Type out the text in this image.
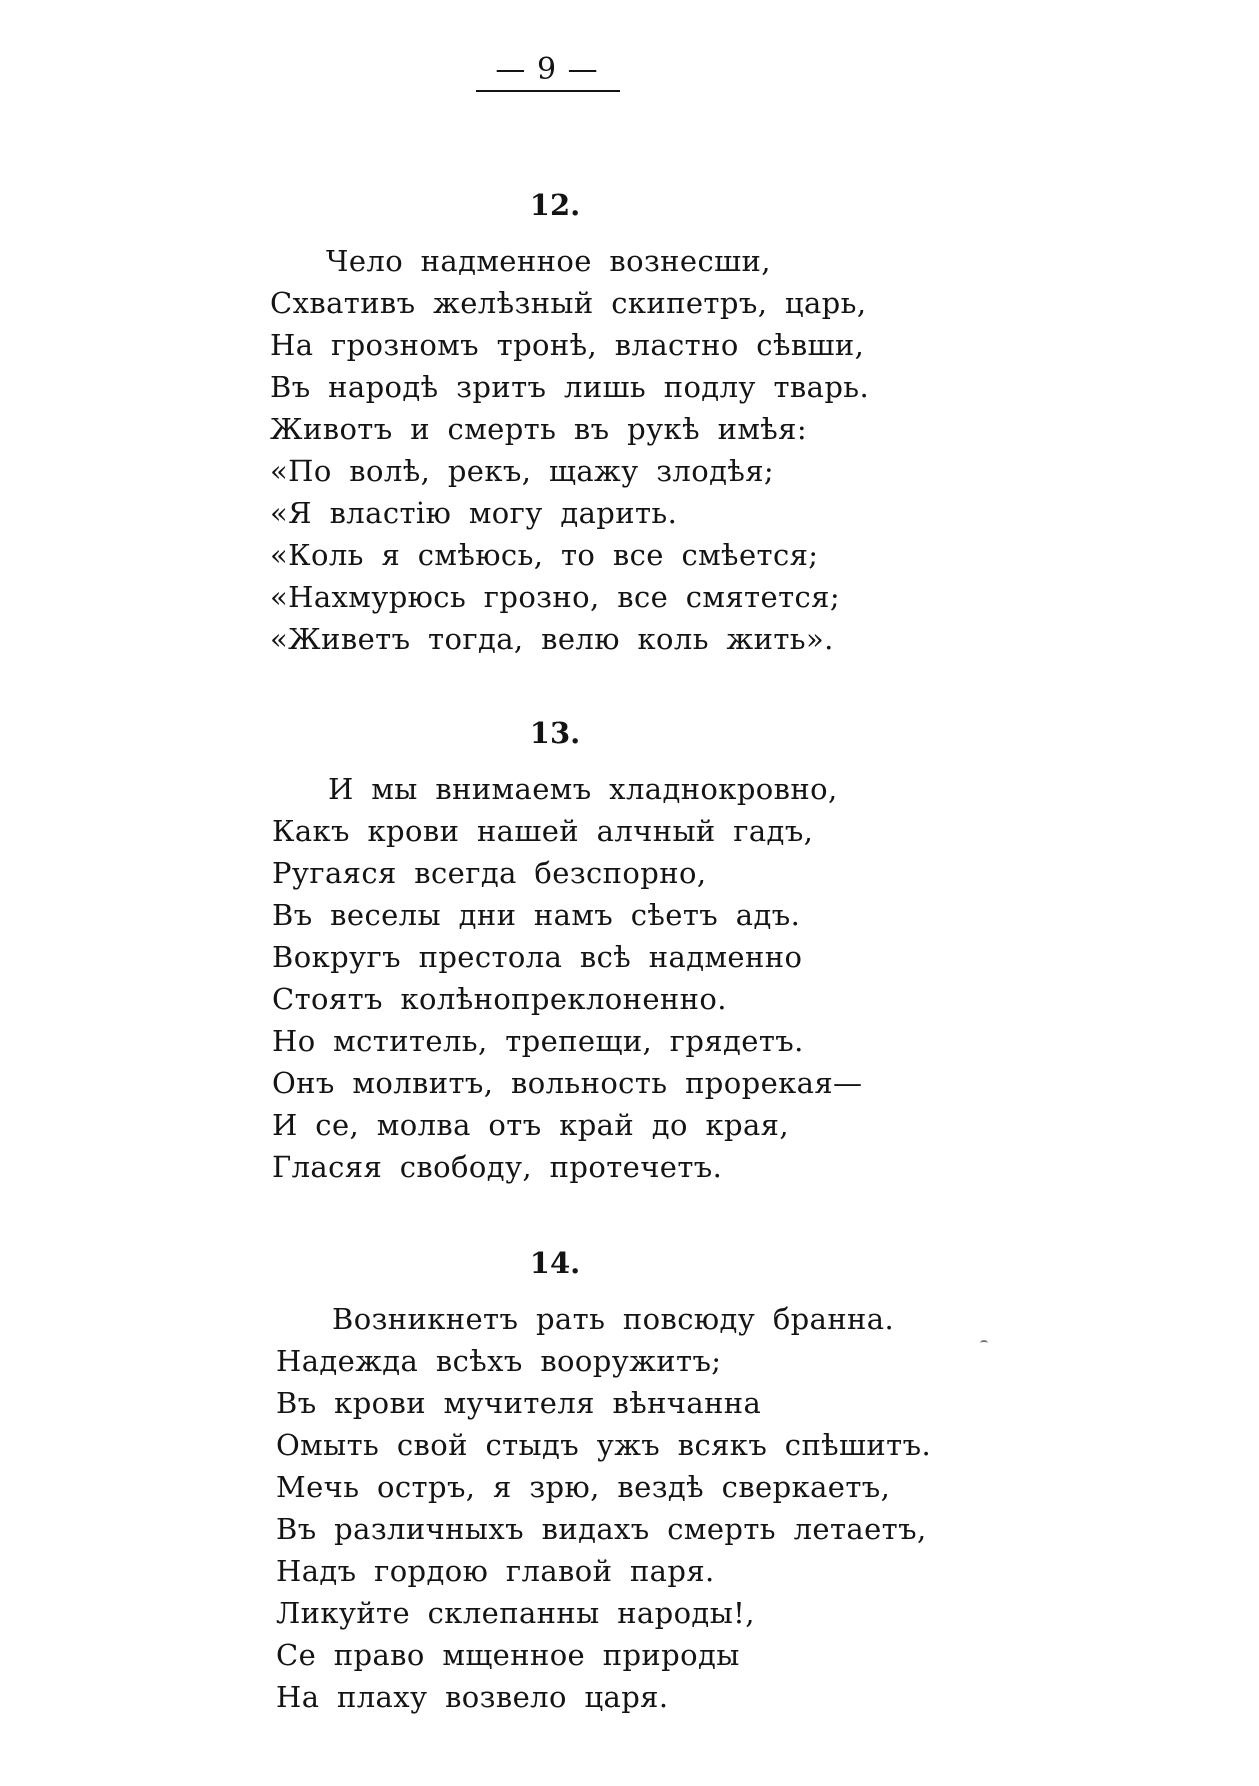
— 9 —
12.
Чело надменное вознесши,
Схвативъ желѣзный скипетръ, царь,
На грозномъ тронѣ, властно сѣвши,
Въ народѣ зритъ лишь подлу тварь.
Животъ и смерть въ рукѣ имѣя:
«По волѣ, рекъ, щажу злодѣя;
«Я властію могу дарить.
«Коль я смѣюсь, то все смѣется;
«Нахмурюсь грозно, все смятется;
«Живетъ тогда, велю коль жить».
13.
И мы внимаемъ хладнокровно,
Какъ крови нашей алчный гадъ,
Ругаяся всегда безспорно,
Въ веселы дни намъ сѣетъ адъ.
Вокругъ престола всѣ надменно
Стоятъ колѣнопреклоненно.
Но мститель, трепещи, грядетъ.
Онъ молвитъ, вольность прорекая—
И се, молва отъ край до края,
Гласяя свободу, протечетъ.
14.
Возникнетъ рать повсюду бранна.
Надежда всѣхъ вооружитъ;
Въ крови мучителя вѣнчанна
Омыть свой стыдъ ужъ всякъ спѣшитъ.
Мечь остръ, я зрю, вездѣ сверкаетъ,
Въ различныхъ видахъ смерть летаетъ,
Надъ гордою главой паря.
Ликуйте склепанны народы!,
Се право мщенное природы
На плаху возвело царя.
